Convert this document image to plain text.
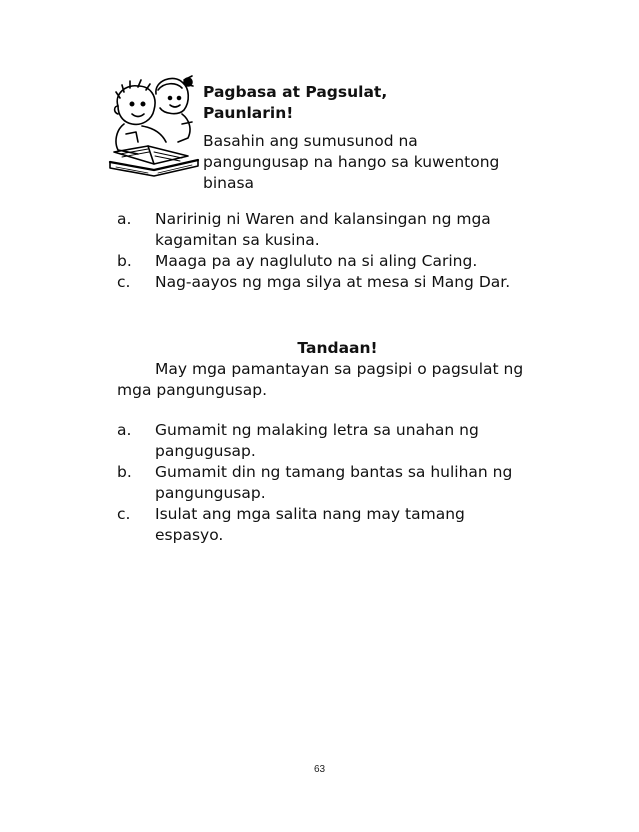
Pagbasa at Pagsulat,
Paunlarin!
Basahin ang sumusunod na
pangungusap na hango sa kuwentong
binasa
a. Naririnig ni Waren and kalansingan ng mga
kagamitan sa kusina.
b. Maaga pa ay nagluluto na si aling Caring.
c. Nag-aayos ng mga silya at mesa si Mang Dar.
Tandaan!
May mga pamantayan sa pagsipi o pagsulat ng
mga pangungusap.
a. Gumamit ng malaking letra sa unahan ng
pangugusap.
b. Gumamit din ng tamang bantas sa hulihan ng
pangungusap.
c. Isulat ang mga salita nang may tamang
espasyo.
63
